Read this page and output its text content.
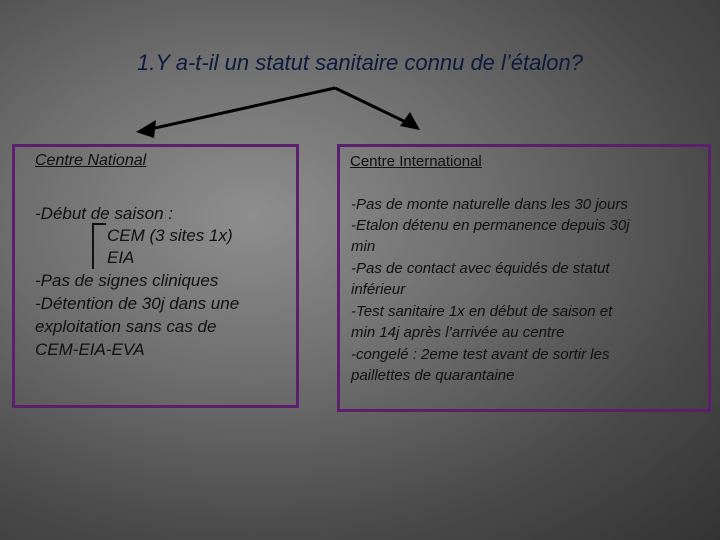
1.Y a-t-il un statut sanitaire connu de l’étalon?
Centre National
-Début de saison :
CEM (3 sites 1x)
EIA
-Pas de signes cliniques
-Détention de 30j dans une
exploitation sans cas de
CEM-EIA-EVA
Centre International
-Pas de monte naturelle dans les 30 jours
-Etalon détenu en permanence depuis 30j
min
-Pas de contact avec équidés de statut
inférieur
-Test sanitaire 1x en début de saison et
min 14j après l’arrivée au centre
-congelé : 2eme test avant de sortir les
paillettes de quarantaine
